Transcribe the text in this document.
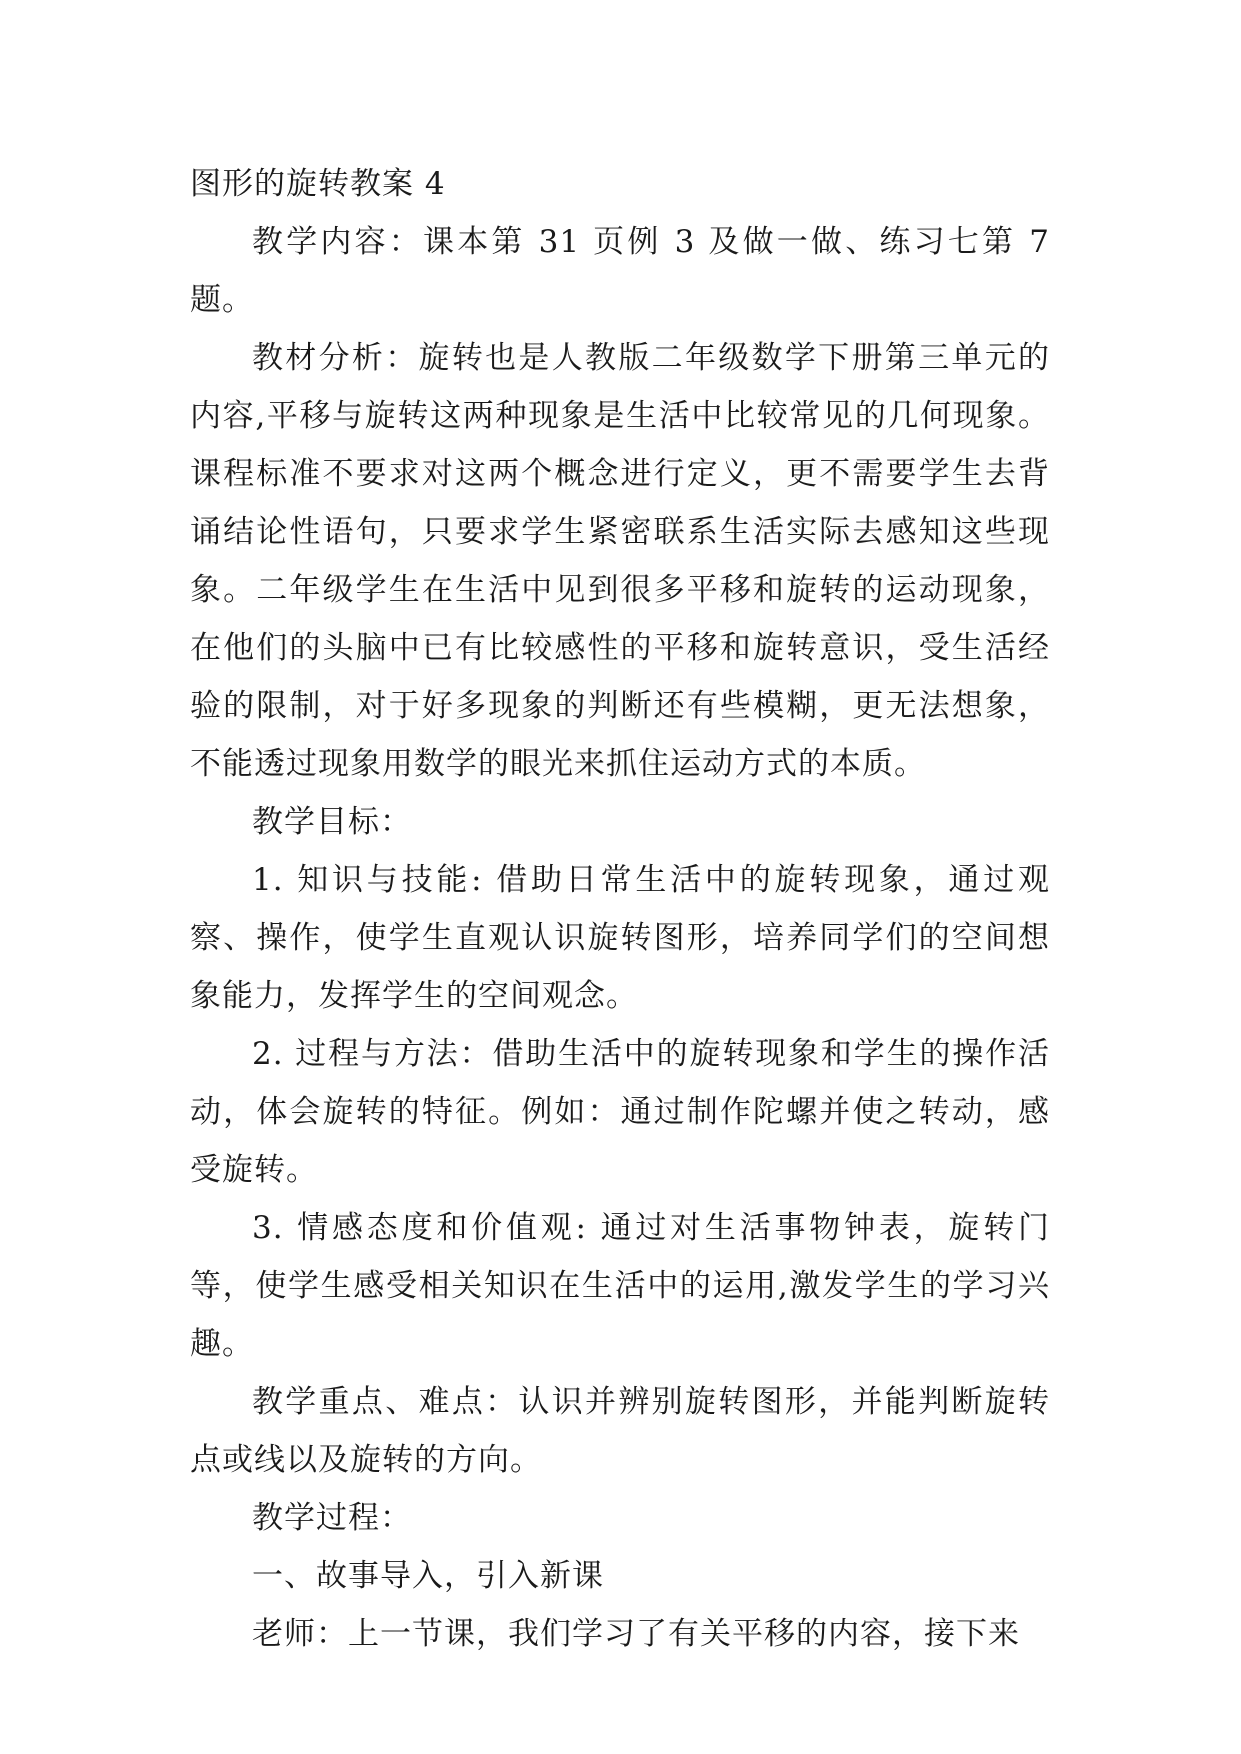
图形的旋转教案 4

教学内容：课本第 31 页例 3 及做一做、练习七第 7 题。

教材分析：旋转也是人教版二年级数学下册第三单元的内容,平移与旋转这两种现象是生活中比较常见的几何现象。课程标准不要求对这两个概念进行定义，更不需要学生去背诵结论性语句，只要求学生紧密联系生活实际去感知这些现象。二年级学生在生活中见到很多平移和旋转的运动现象，在他们的头脑中已有比较感性的平移和旋转意识，受生活经验的限制，对于好多现象的判断还有些模糊，更无法想象，不能透过现象用数学的眼光来抓住运动方式的本质。

教学目标：

1. 知识与技能: 借助日常生活中的旋转现象，通过观察、操作，使学生直观认识旋转图形，培养同学们的空间想象能力，发挥学生的空间观念。

2. 过程与方法：借助生活中的旋转现象和学生的操作活动，体会旋转的特征。例如：通过制作陀螺并使之转动，感受旋转。

3. 情感态度和价值观: 通过对生活事物钟表，旋转门等，使学生感受相关知识在生活中的运用,激发学生的学习兴趣。

教学重点、难点：认识并辨别旋转图形，并能判断旋转点或线以及旋转的方向。

教学过程：

一、故事导入，引入新课

老师：上一节课，我们学习了有关平移的内容，接下来
